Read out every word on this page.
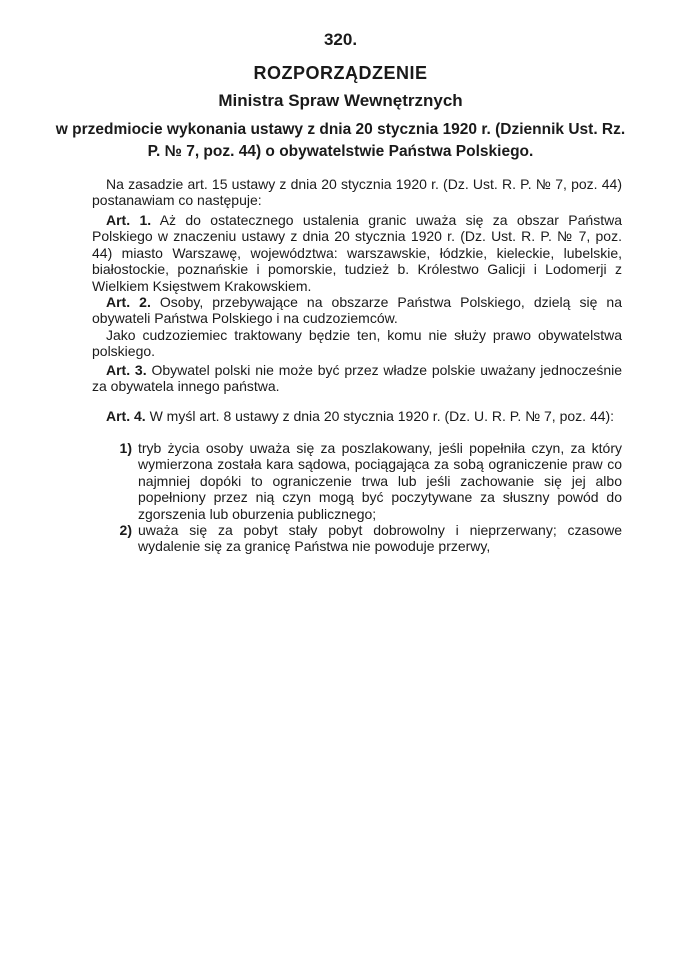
320.
ROZPORZĄDZENIE
Ministra Spraw Wewnętrznych
w przedmiocie wykonania ustawy z dnia 20 stycznia 1920 r. (Dziennik Ust. Rz. P. № 7, poz. 44) o obywatelstwie Państwa Polskiego.

Na zasadzie art. 15 ustawy z dnia 20 stycznia 1920 r. (Dz. Ust. R. P. № 7, poz. 44) postanawiam co następuje:

Art. 1. Aż do ostatecznego ustalenia granic uważa się za obszar Państwa Polskiego w znaczeniu ustawy z dnia 20 stycznia 1920 r. (Dz. Ust. R. P. № 7, poz. 44) miasto Warszawę, województwa: warszawskie, łódzkie, kieleckie, lubelskie, białostockie, poznańskie i pomorskie, tudzież b. Królestwo Galicji i Lodomerji z Wielkiem Księstwem Krakowskiem.

Art. 2. Osoby, przebywające na obszarze Państwa Polskiego, dzielą się na obywateli Państwa Polskiego i na cudzoziemców.

Jako cudzoziemiec traktowany będzie ten, komu nie służy prawo obywatelstwa polskiego.

Art. 3. Obywatel polski nie może być przez władze polskie uważany jednocześnie za obywatela innego państwa.

Art. 4. W myśl art. 8 ustawy z dnia 20 stycznia 1920 r. (Dz. U. R. P. № 7, poz. 44):

1) tryb życia osoby uważa się za poszlakowany, jeśli popełniła czyn, za który wymierzona została kara sądowa, pociągająca za sobą ograniczenie praw co najmniej dopóki to ograniczenie trwa lub jeśli zachowanie się jej albo popełniony przez nią czyn mogą być poczytywane za słuszny powód do zgorszenia lub oburzenia publicznego;
2) uważa się za pobyt stały pobyt dobrowolny i nieprzerwany; czasowe wydalenie się za granicę Państwa nie powoduje przerwy,
